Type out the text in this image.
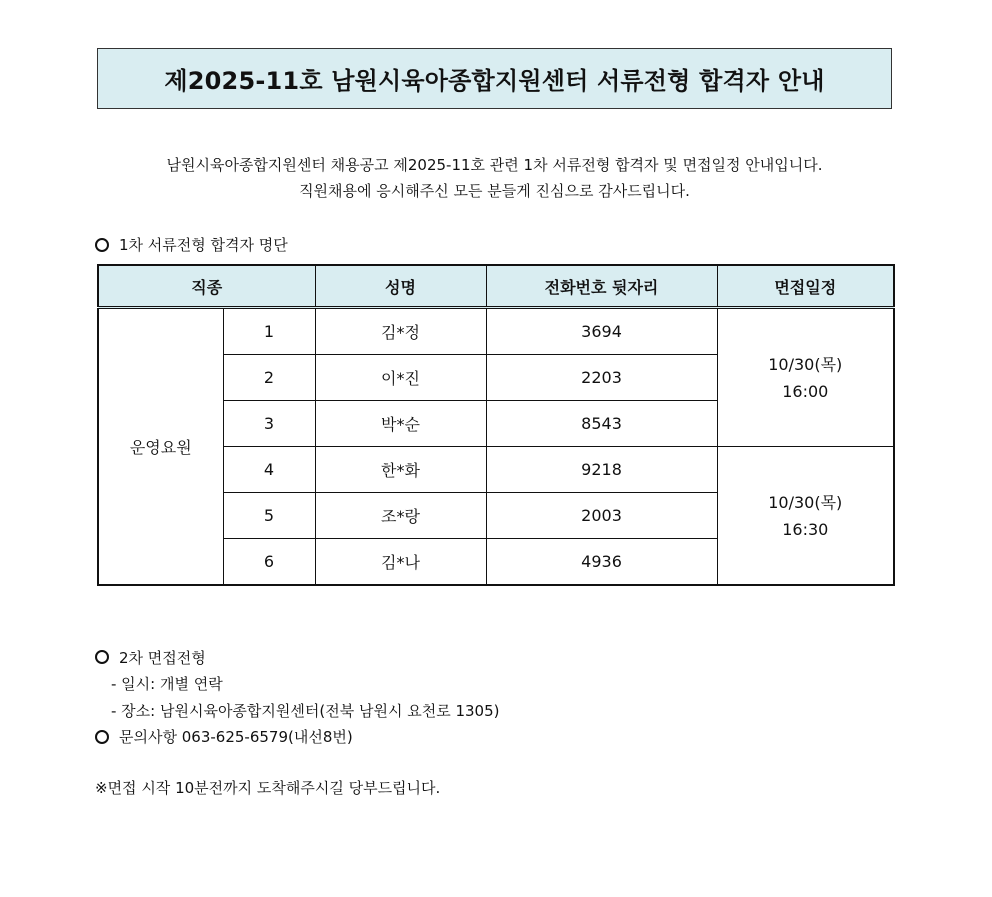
제2025-11호 남원시육아종합지원센터 서류전형 합격자 안내
남원시육아종합지원센터 채용공고 제2025-11호 관련 1차 서류전형 합격자 및 면접일정 안내입니다.
직원채용에 응시해주신 모든 분들게 진심으로 감사드립니다.
1차 서류전형 합격자 명단
직종		성명	전화번호 뒷자리	면접일정
운영요원	1	김*정	3694	10/30(목)
16:00

	2	이*진	2203	
	3	박*순	8543	
	4	한*화	9218	10/30(목)
16:30

	5	조*랑	2003	
	6	김*나	4936	
2차 면접전형
- 일시: 개별 연락
- 장소: 남원시육아종합지원센터(전북 남원시 요천로 1305)
문의사항 063-625-6579(내선8번)
※면접 시작 10분전까지 도착해주시길 당부드립니다.
